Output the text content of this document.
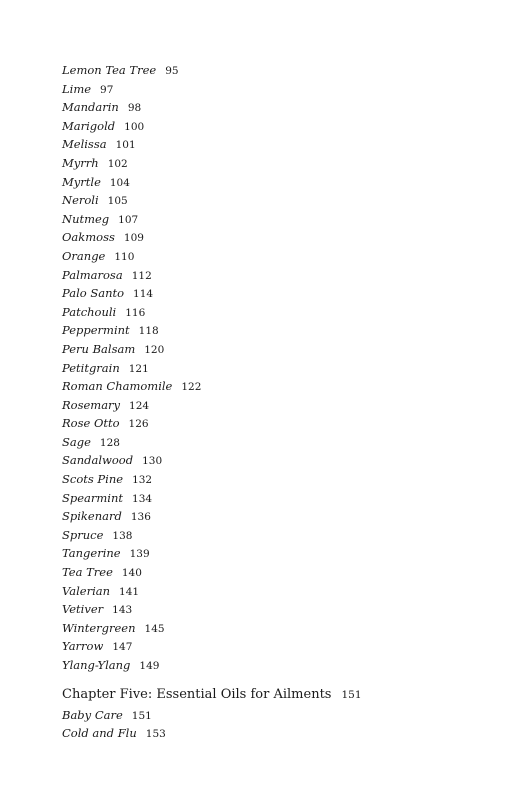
Lemon Tea Tree 95
Lime 97
Mandarin 98
Marigold 100
Melissa 101
Myrrh 102
Myrtle 104
Neroli 105
Nutmeg 107
Oakmoss 109
Orange 110
Palmarosa 112
Palo Santo 114
Patchouli 116
Peppermint 118
Peru Balsam 120
Petitgrain 121
Roman Chamomile 122
Rosemary 124
Rose Otto 126
Sage 128
Sandalwood 130
Scots Pine 132
Spearmint 134
Spikenard 136
Spruce 138
Tangerine 139
Tea Tree 140
Valerian 141
Vetiver 143
Wintergreen 145
Yarrow 147
Ylang-Ylang 149
Chapter Five: Essential Oils for Ailments 151
Baby Care 151
Cold and Flu 153
